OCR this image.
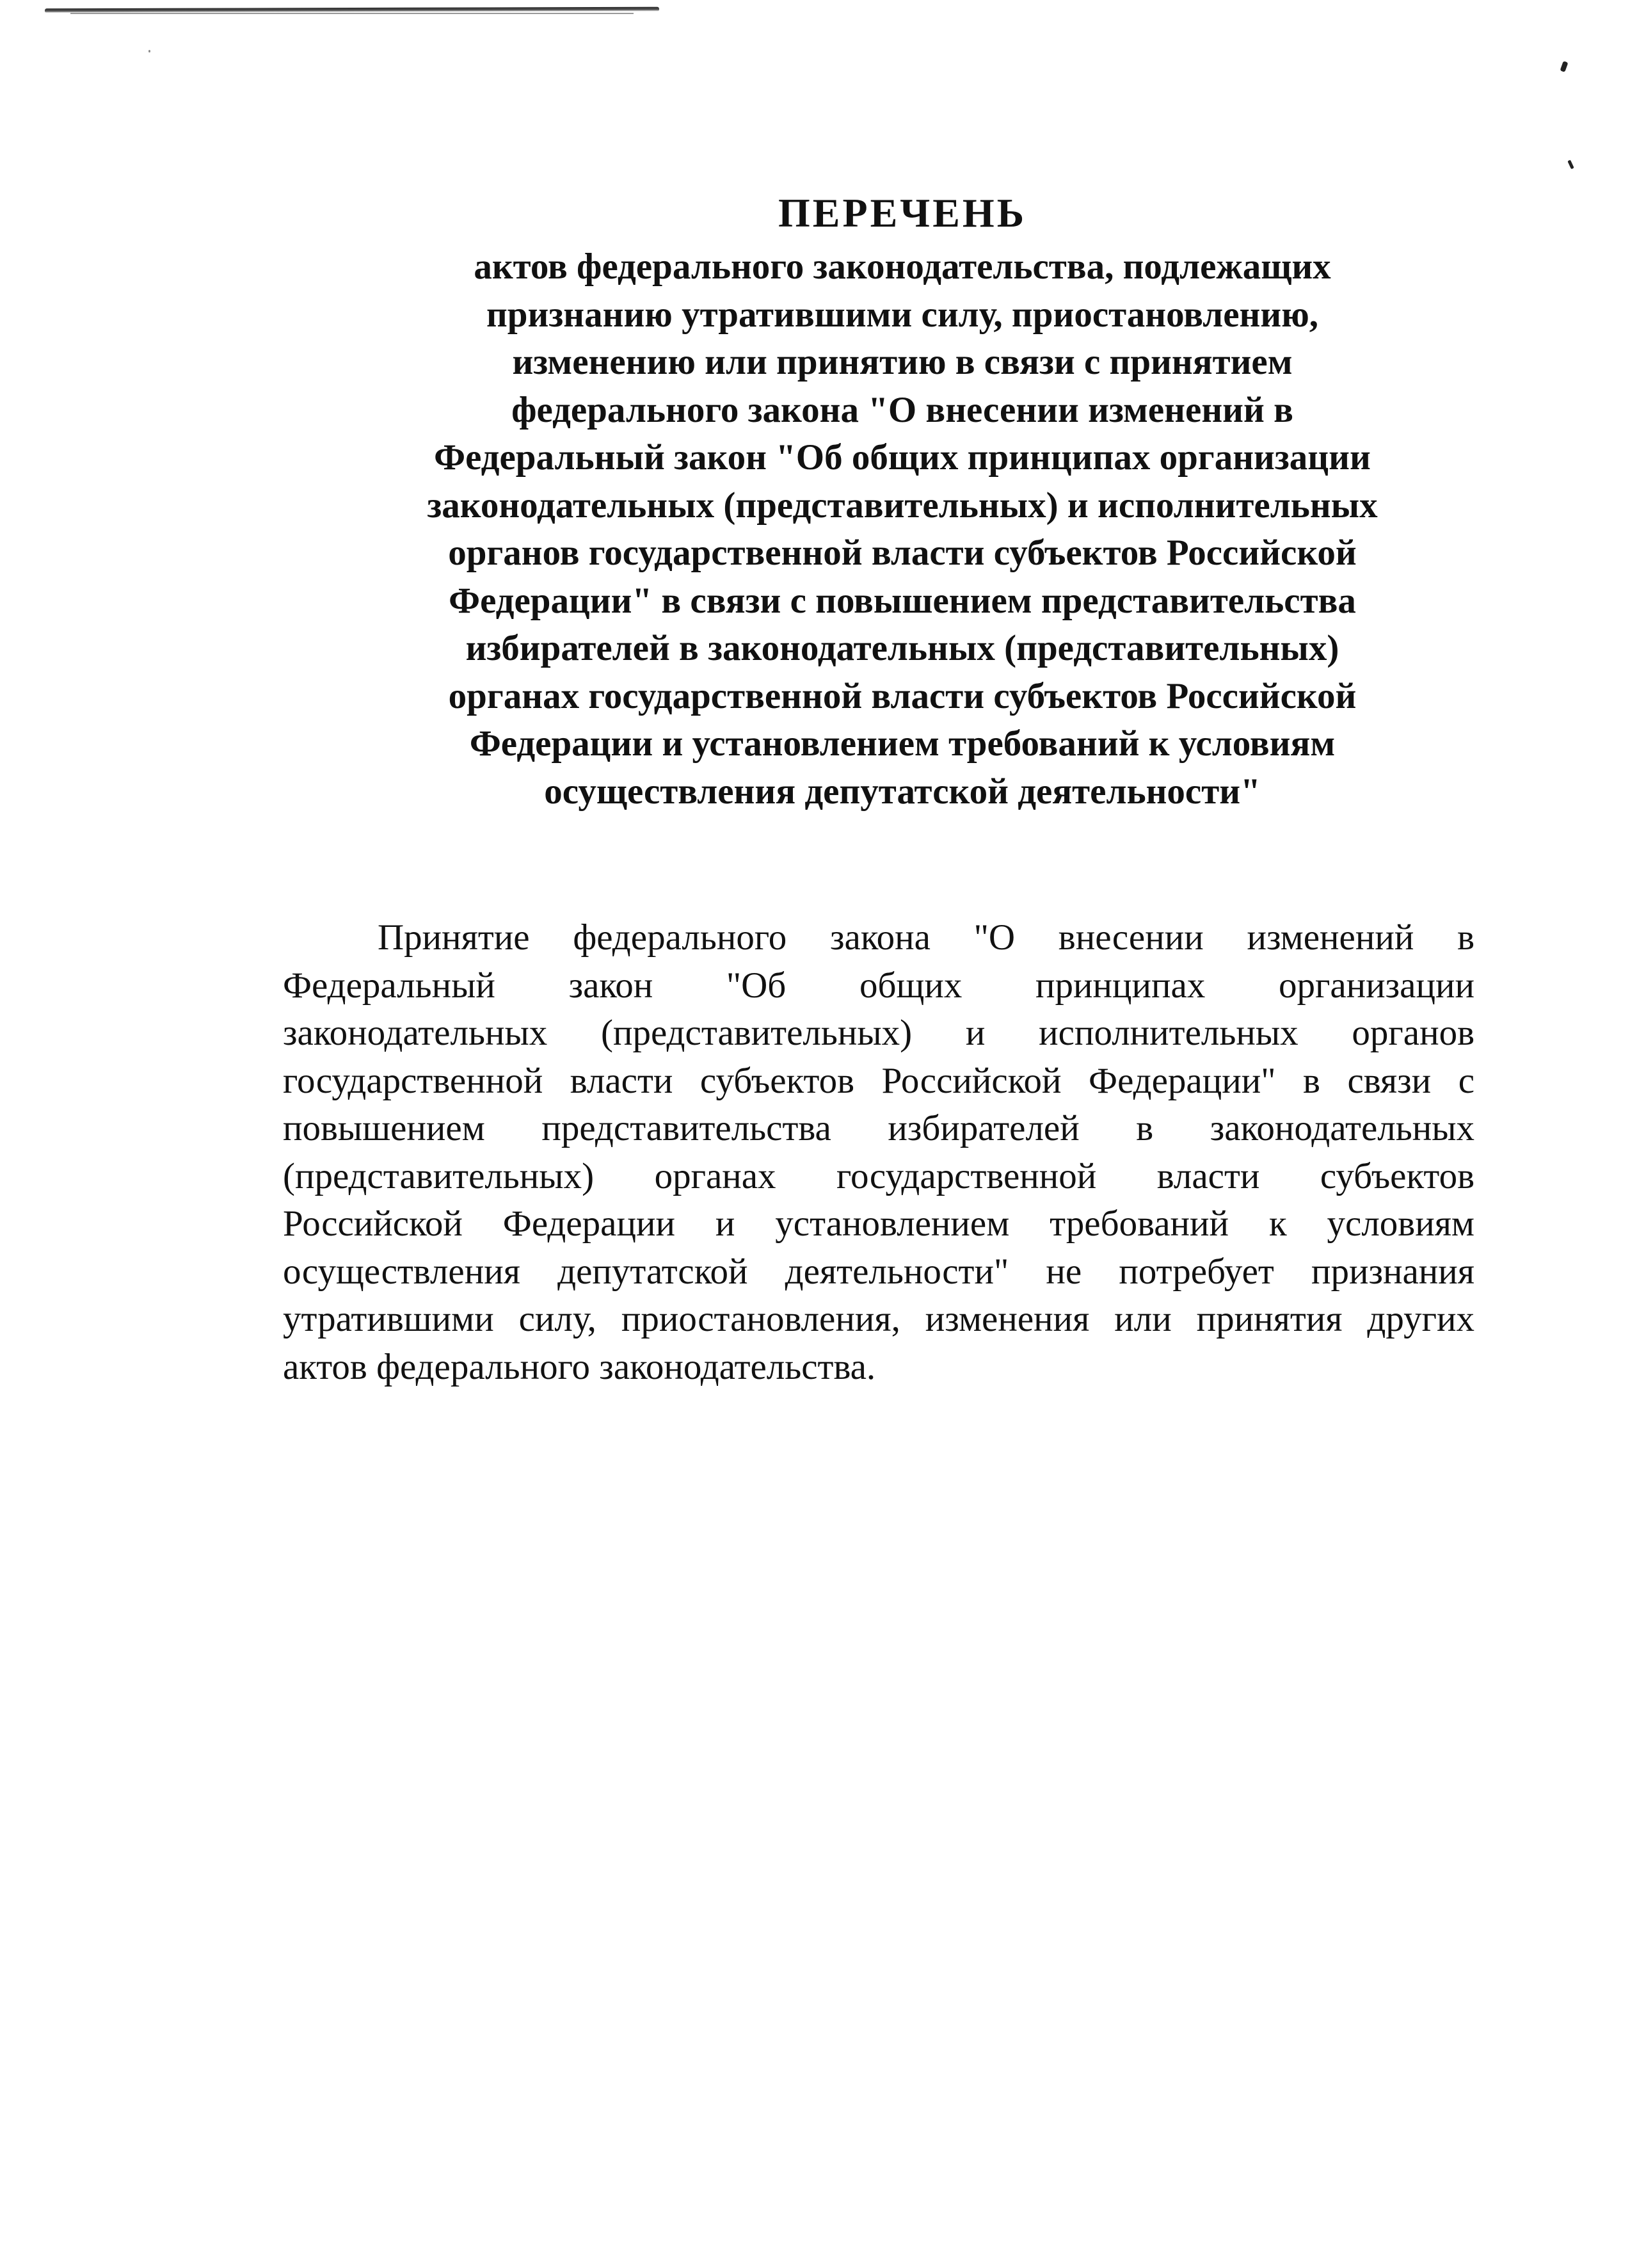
ПЕРЕЧЕНЬ
актов федерального законодательства, подлежащих
признанию утратившими силу, приостановлению,
изменению или принятию в связи с принятием
федерального закона "О внесении изменений в
Федеральный закон "Об общих принципах организации
законодательных (представительных) и исполнительных
органов государственной власти субъектов Российской
Федерации" в связи с повышением представительства
избирателей в законодательных (представительных)
органах государственной власти субъектов Российской
Федерации и установлением требований к условиям
осуществления депутатской деятельности"
Принятие федерального закона "О внесении изменений в
Федеральный закон "Об общих принципах организации
законодательных (представительных) и исполнительных органов
государственной власти субъектов Российской Федерации" в связи с
повышением представительства избирателей в законодательных
(представительных) органах государственной власти субъектов
Российской Федерации и установлением требований к условиям
осуществления депутатской деятельности" не потребует признания
утратившими силу, приостановления, изменения или принятия других
актов федерального законодательства.
